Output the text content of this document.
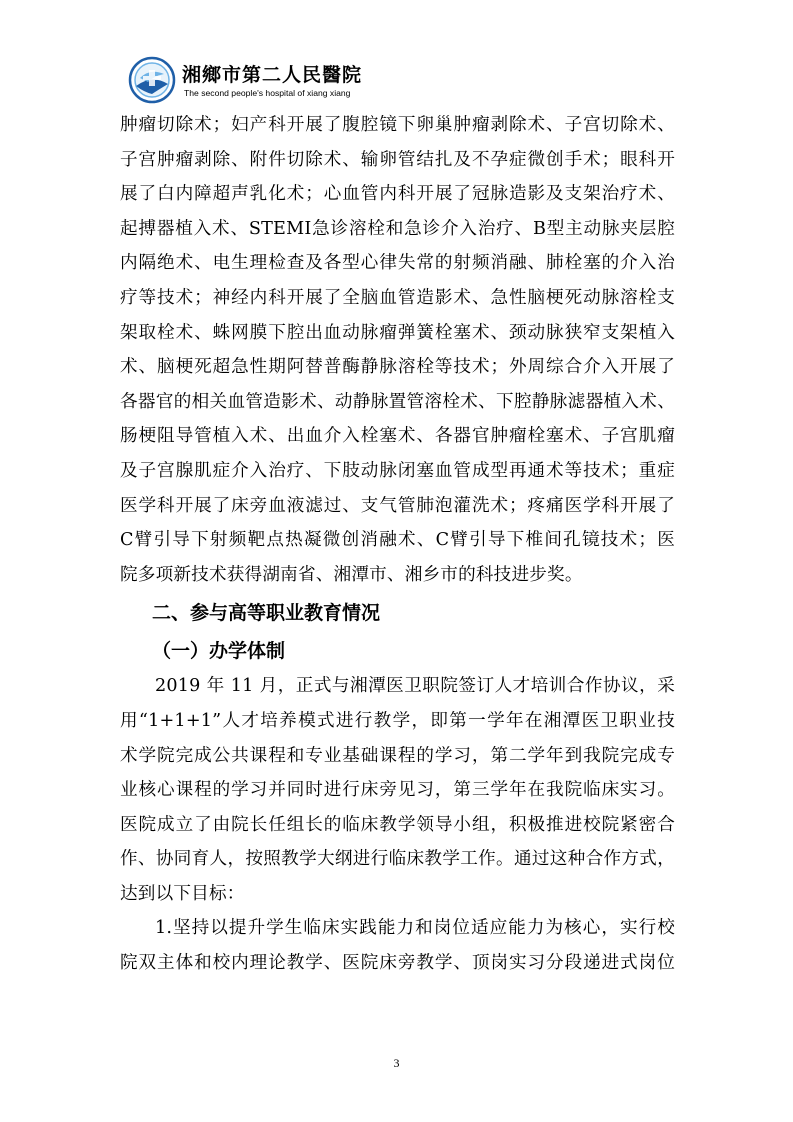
湘鄉市第二人民醫院
The second people's hospital of xiang xiang

肿瘤切除术；妇产科开展了腹腔镜下卵巢肿瘤剥除术、子宫切除术、

子宫肿瘤剥除、附件切除术、输卵管结扎及不孕症微创手术；眼科开

展了白内障超声乳化术；心血管内科开展了冠脉造影及支架治疗术、

起搏器植入术、STEMI急诊溶栓和急诊介入治疗、B型主动脉夹层腔

内隔绝术、电生理检查及各型心律失常的射频消融、肺栓塞的介入治

疗等技术；神经内科开展了全脑血管造影术、急性脑梗死动脉溶栓支

架取栓术、蛛网膜下腔出血动脉瘤弹簧栓塞术、颈动脉狭窄支架植入

术、脑梗死超急性期阿替普酶静脉溶栓等技术；外周综合介入开展了

各器官的相关血管造影术、动静脉置管溶栓术、下腔静脉滤器植入术、

肠梗阻导管植入术、出血介入栓塞术、各器官肿瘤栓塞术、子宫肌瘤

及子宫腺肌症介入治疗、下肢动脉闭塞血管成型再通术等技术；重症

医学科开展了床旁血液滤过、支气管肺泡灌洗术；疼痛医学科开展了

C臂引导下射频靶点热凝微创消融术、C臂引导下椎间孔镜技术；医

院多项新技术获得湖南省、湘潭市、湘乡市的科技进步奖。

二、参与高等职业教育情况
（一）办学体制

2019 年 11 月，正式与湘潭医卫职院签订人才培训合作协议，采

用“1+1+1”人才培养模式进行教学，即第一学年在湘潭医卫职业技

术学院完成公共课程和专业基础课程的学习，第二学年到我院完成专

业核心课程的学习并同时进行床旁见习，第三学年在我院临床实习。

医院成立了由院长任组长的临床教学领导小组，积极推进校院紧密合

作、协同育人，按照教学大纲进行临床教学工作。通过这种合作方式，

达到以下目标：

1.坚持以提升学生临床实践能力和岗位适应能力为核心，实行校

院双主体和校内理论教学、医院床旁教学、顶岗实习分段递进式岗位

3
